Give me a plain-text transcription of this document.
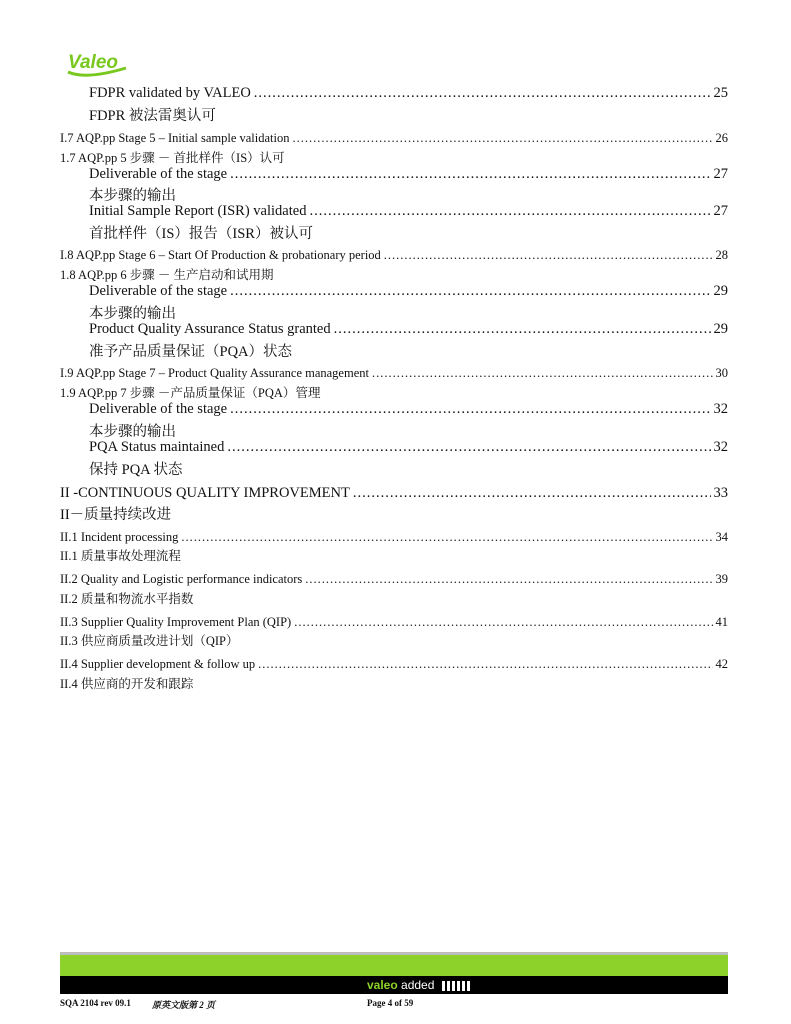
Valeo
FDPR validated by VALEO .....	25
FDPR 被法雷奥认可
I.7 AQP.pp Stage 5 – Initial sample validation .....	26
1.7 AQP.pp 5 步骤 － 首批样件（IS）认可
Deliverable of the stage .....	27
本步骤的输出
Initial Sample Report (ISR) validated .....	27
首批样件（IS）报告（ISR）被认可
I.8 AQP.pp Stage 6 – Start Of Production & probationary period .....	28
1.8 AQP.pp 6 步骤 － 生产启动和试用期
Deliverable of the stage .....	29
本步骤的输出
Product Quality Assurance Status granted .....	29
准予产品质量保证（PQA）状态
I.9 AQP.pp Stage 7 – Product Quality Assurance management .....	30
1.9 AQP.pp 7 步骤 －产品质量保证（PQA）管理
Deliverable of the stage .....	32
本步骤的输出
PQA Status maintained .....	32
保持 PQA 状态
II -CONTINUOUS QUALITY IMPROVEMENT .....	33
II－质量持续改进
II.1 Incident processing .....	34
II.1 质量事故处理流程
II.2 Quality and Logistic performance indicators .....	39
II.2 质量和物流水平指数
II.3 Supplier Quality Improvement Plan (QIP) .....	41
II.3 供应商质量改进计划（QIP）
II.4 Supplier development & follow up .....	42
II.4 供应商的开发和跟踪
valeo added
SQA 2104 rev 09.1 原英文版第 2 页	Page 4 of 59
